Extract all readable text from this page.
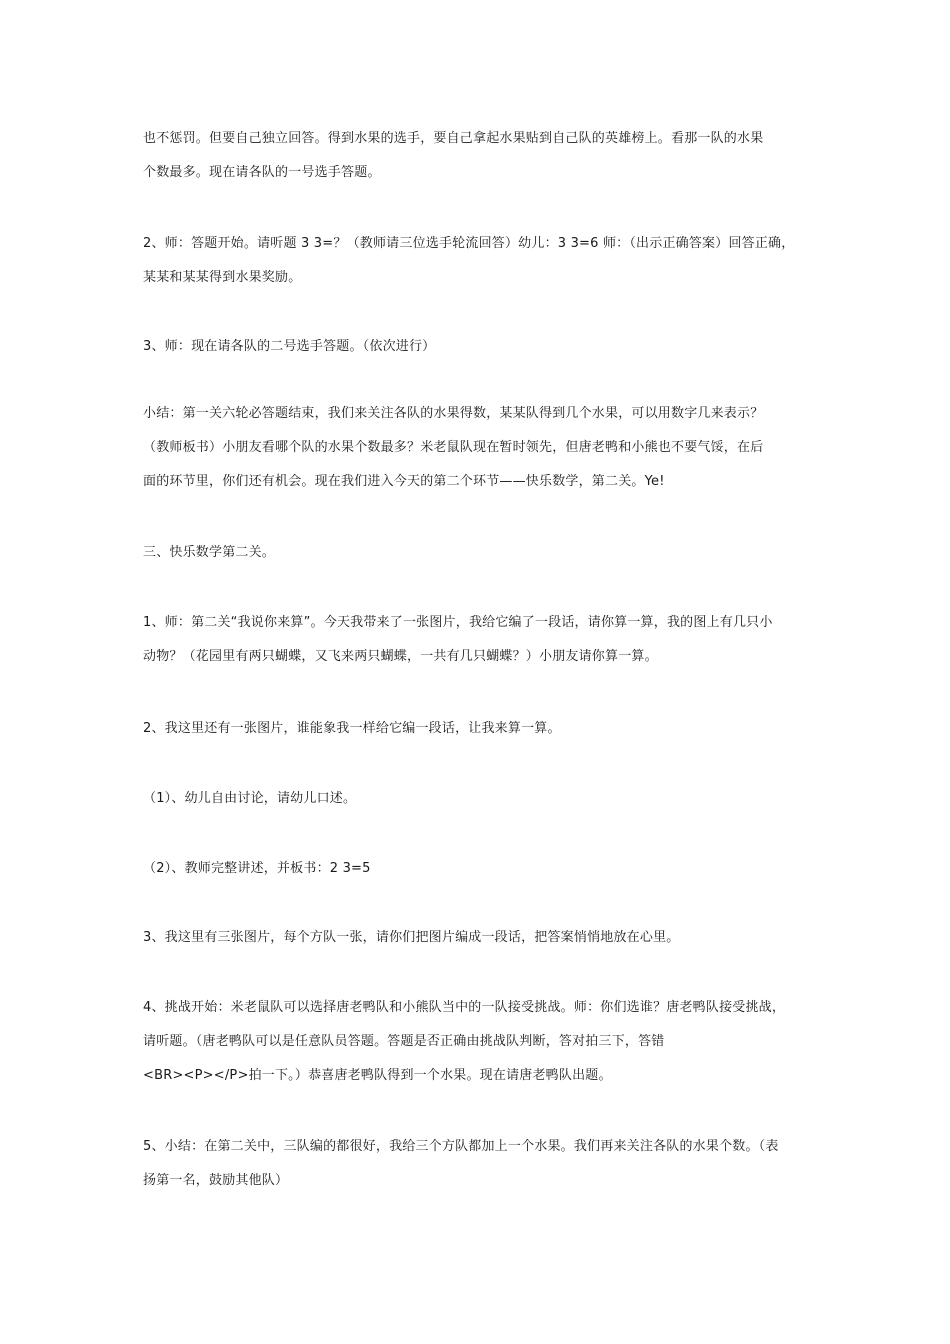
也不惩罚。但要自己独立回答。得到水果的选手，要自己拿起水果贴到自己队的英雄榜上。看那一队的水果
个数最多。现在请各队的一号选手答题。
2、师：答题开始。请听题 3 3=？（教师请三位选手轮流回答）幼儿：3 3=6 师：（出示正确答案）回答正确，
某某和某某得到水果奖励。
3、师：现在请各队的二号选手答题。（依次进行）
小结：第一关六轮必答题结束，我们来关注各队的水果得数，某某队得到几个水果，可以用数字几来表示？
（教师板书）小朋友看哪个队的水果个数最多？米老鼠队现在暂时领先，但唐老鸭和小熊也不要气馁，在后
面的环节里，你们还有机会。现在我们进入今天的第二个环节——快乐数学，第二关。Ye!
三、快乐数学第二关。
1、师：第二关“我说你来算”。今天我带来了一张图片，我给它编了一段话，请你算一算，我的图上有几只小
动物？（花园里有两只蝴蝶，又飞来两只蝴蝶，一共有几只蝴蝶？）小朋友请你算一算。
2、我这里还有一张图片，谁能象我一样给它编一段话，让我来算一算。
（1）、幼儿自由讨论，请幼儿口述。
（2）、教师完整讲述，并板书：2 3=5
3、我这里有三张图片，每个方队一张，请你们把图片编成一段话，把答案悄悄地放在心里。
4、挑战开始：米老鼠队可以选择唐老鸭队和小熊队当中的一队接受挑战。师：你们选谁？唐老鸭队接受挑战，
请听题。（唐老鸭队可以是任意队员答题。答题是否正确由挑战队判断，答对拍三下，答错
<BR><P></P>拍一下。）恭喜唐老鸭队得到一个水果。现在请唐老鸭队出题。
5、小结：在第二关中，三队编的都很好，我给三个方队都加上一个水果。我们再来关注各队的水果个数。（表
扬第一名，鼓励其他队）
